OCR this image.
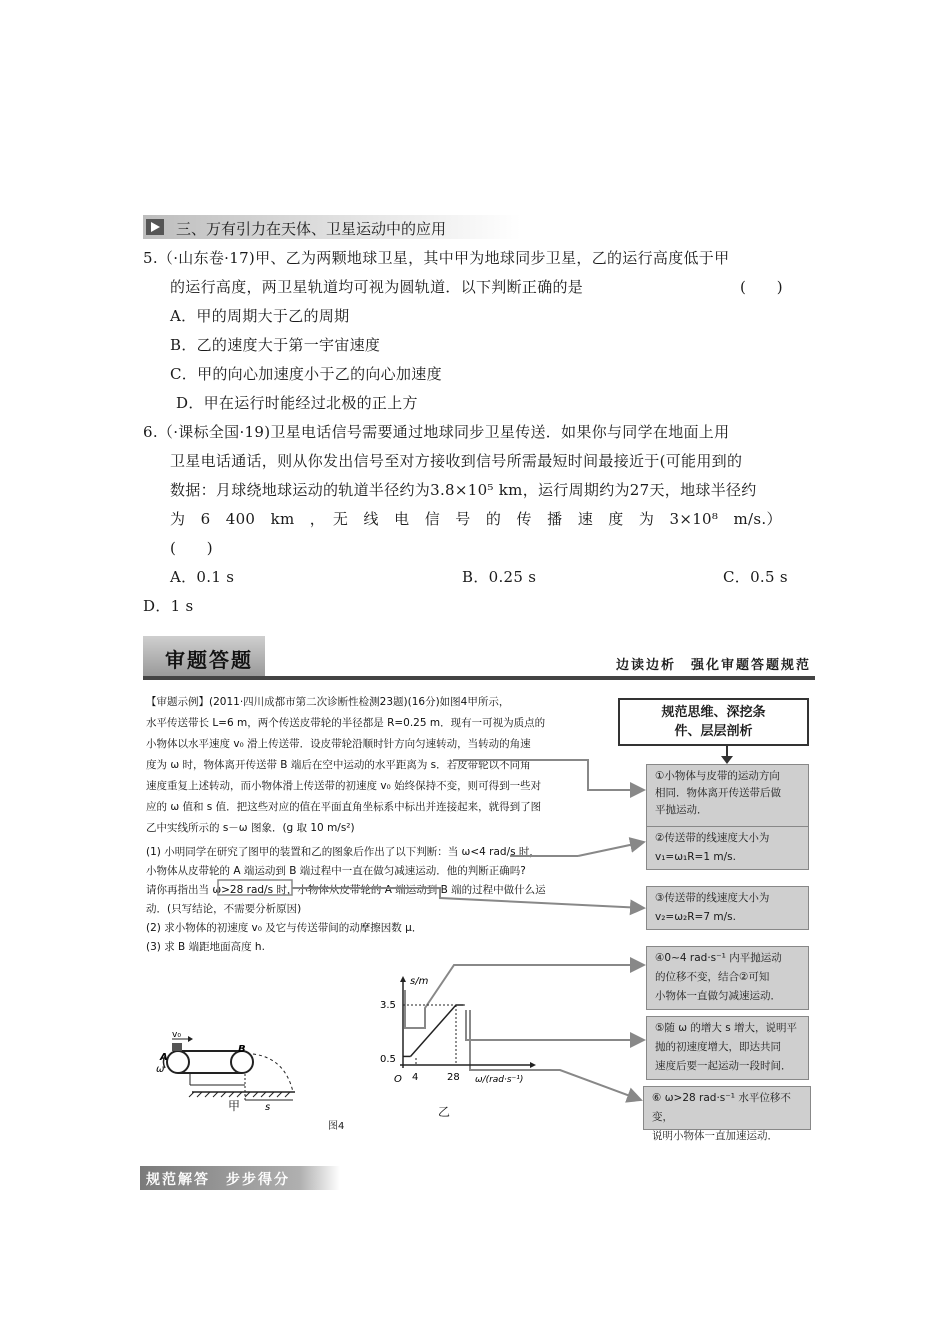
三、万有引力在天体、卫星运动中的应用
5.（·山东卷·17)甲、乙为两颗地球卫星，其中甲为地球同步卫星，乙的运行高度低于甲
的运行高度，两卫星轨道均可视为圆轨道．以下判断正确的是	(　　)
A．甲的周期大于乙的周期
B．乙的速度大于第一宇宙速度
C．甲的向心加速度小于乙的向心加速度
D．甲在运行时能经过北极的正上方
6.（·课标全国·19)卫星电话信号需要通过地球同步卫星传送．如果你与同学在地面上用
卫星电话通话，则从你发出信号至对方接收到信号所需最短时间最接近于(可能用到的
数据：月球绕地球运动的轨道半径约为3.8×10⁵ km，运行周期约为27天，地球半径约
为　6　400　km　，　无　线　电　信　号　的　传　播　速　度　为　3×10⁸　m/s.）
(　　)
A．0.1 s	B．0.25 s	C．0.5 s
D．1 s
审题答题	边读边析　强化审题答题规范
【审题示例】(2011·四川成都市第二次诊断性检测23题)(16分)如图4甲所示，
水平传送带长 L=6 m，两个传送皮带轮的半径都是 R=0.25 m．现有一可视为质点的
小物体以水平速度 v₀ 滑上传送带．设皮带轮沿顺时针方向匀速转动，当转动的角速
度为 ω 时，物体离开传送带 B 端后在空中运动的水平距离为 s．若皮带轮以不同角
速度重复上述转动，而小物体滑上传送带的初速度 v₀ 始终保持不变，则可得到一些对
应的 ω 值和 s 值．把这些对应的值在平面直角坐标系中标出并连接起来，就得到了图
乙中实线所示的 s－ω 图象．(g 取 10 m/s²)
(1) 小明同学在研究了图甲的装置和乙的图象后作出了以下判断：当 ω<4 rad/s 时，
小物体从皮带轮的 A 端运动到 B 端过程中一直在做匀减速运动．他的判断正确吗?
请你再指出当 ω>28 rad/s 时，小物体从皮带轮的 A 端运动到 B 端的过程中做什么运
动．(只写结论，不需要分析原因)
(2) 求小物体的初速度 v₀ 及它与传送带间的动摩擦因数 μ．
(3) 求 B 端距地面高度 h.
规范思维、深挖条
件、层层剖析
①小物体与皮带的运动方向
相同．物体离开传送带后做
平抛运动．
②传送带的线速度大小为
v₁=ω₁R=1 m/s.
③传送带的线速度大小为
v₂=ω₂R=7 m/s.
④0~4 rad·s⁻¹ 内平抛运动
的位移不变，结合②可知
小物体一直做匀减速运动．
⑤随 ω 的增大 s 增大，说明平
抛的初速度增大，即达共同
速度后要一起运动一段时间．
⑥ ω>28 rad·s⁻¹ 水平位移不变，
说明小物体一直加速运动．
v₀
A
B
ω
s
甲
s/m
ω/(rad·s⁻¹)
O
3.5
0.5
4	28
乙
图4
规范解答　步步得分
